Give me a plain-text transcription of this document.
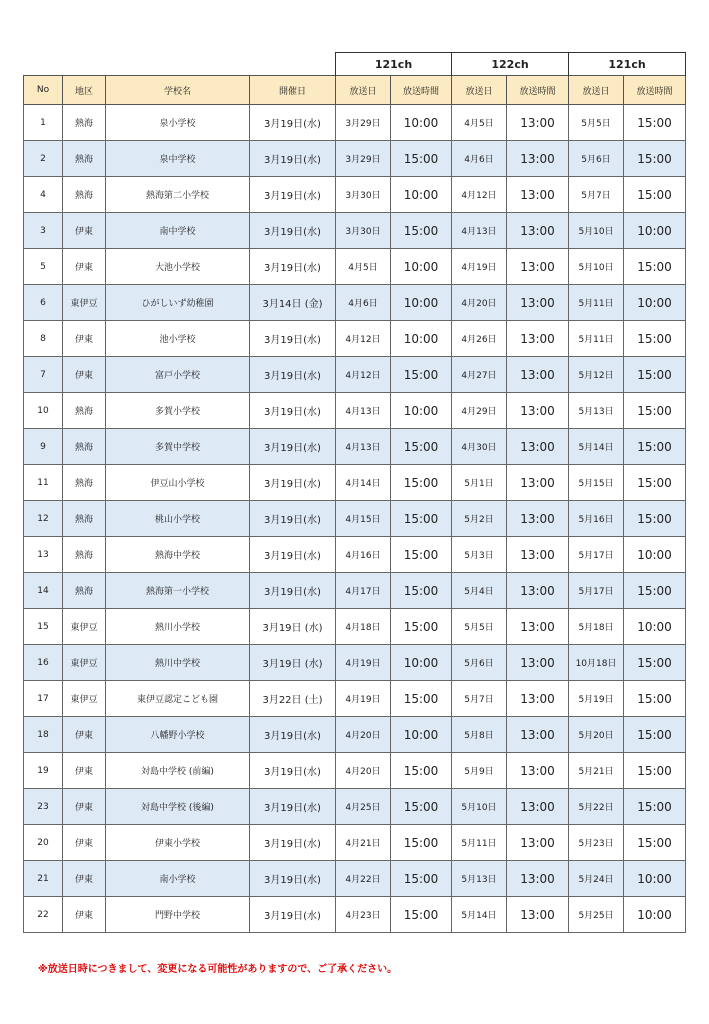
				121ch		122ch		121ch	
No	地区	学校名	開催日	放送日	放送時間	放送日	放送時間	放送日	放送時間
1	熱海	泉小学校	3月19日(水)	3月29日	10:00	4月5日	13:00	5月5日	15:00
2	熱海	泉中学校	3月19日(水)	3月29日	15:00	4月6日	13:00	5月6日	15:00
4	熱海	熱海第二小学校	3月19日(水)	3月30日	10:00	4月12日	13:00	5月7日	15:00
3	伊東	南中学校	3月19日(水)	3月30日	15:00	4月13日	13:00	5月10日	10:00
5	伊東	大池小学校	3月19日(水)	4月5日	10:00	4月19日	13:00	5月10日	15:00
6	東伊豆	ひがしいず幼稚園	3月14日 (金)	4月6日	10:00	4月20日	13:00	5月11日	10:00
8	伊東	池小学校	3月19日(水)	4月12日	10:00	4月26日	13:00	5月11日	15:00
7	伊東	富戸小学校	3月19日(水)	4月12日	15:00	4月27日	13:00	5月12日	15:00
10	熱海	多賀小学校	3月19日(水)	4月13日	10:00	4月29日	13:00	5月13日	15:00
9	熱海	多賀中学校	3月19日(水)	4月13日	15:00	4月30日	13:00	5月14日	15:00
11	熱海	伊豆山小学校	3月19日(水)	4月14日	15:00	5月1日	13:00	5月15日	15:00
12	熱海	桃山小学校	3月19日(水)	4月15日	15:00	5月2日	13:00	5月16日	15:00
13	熱海	熱海中学校	3月19日(水)	4月16日	15:00	5月3日	13:00	5月17日	10:00
14	熱海	熱海第一小学校	3月19日(水)	4月17日	15:00	5月4日	13:00	5月17日	15:00
15	東伊豆	熱川小学校	3月19日 (水)	4月18日	15:00	5月5日	13:00	5月18日	10:00
16	東伊豆	熱川中学校	3月19日 (水)	4月19日	10:00	5月6日	13:00	10月18日	15:00
17	東伊豆	東伊豆認定こども園	3月22日 (土)	4月19日	15:00	5月7日	13:00	5月19日	15:00
18	伊東	八幡野小学校	3月19日(水)	4月20日	10:00	5月8日	13:00	5月20日	15:00
19	伊東	対島中学校 (前編)	3月19日(水)	4月20日	15:00	5月9日	13:00	5月21日	15:00
23	伊東	対島中学校 (後編)	3月19日(水)	4月25日	15:00	5月10日	13:00	5月22日	15:00
20	伊東	伊東小学校	3月19日(水)	4月21日	15:00	5月11日	13:00	5月23日	15:00
21	伊東	南小学校	3月19日(水)	4月22日	15:00	5月13日	13:00	5月24日	10:00
22	伊東	門野中学校	3月19日(水)	4月23日	15:00	5月14日	13:00	5月25日	10:00
※放送日時につきまして、変更になる可能性がありますので、ご了承ください。
